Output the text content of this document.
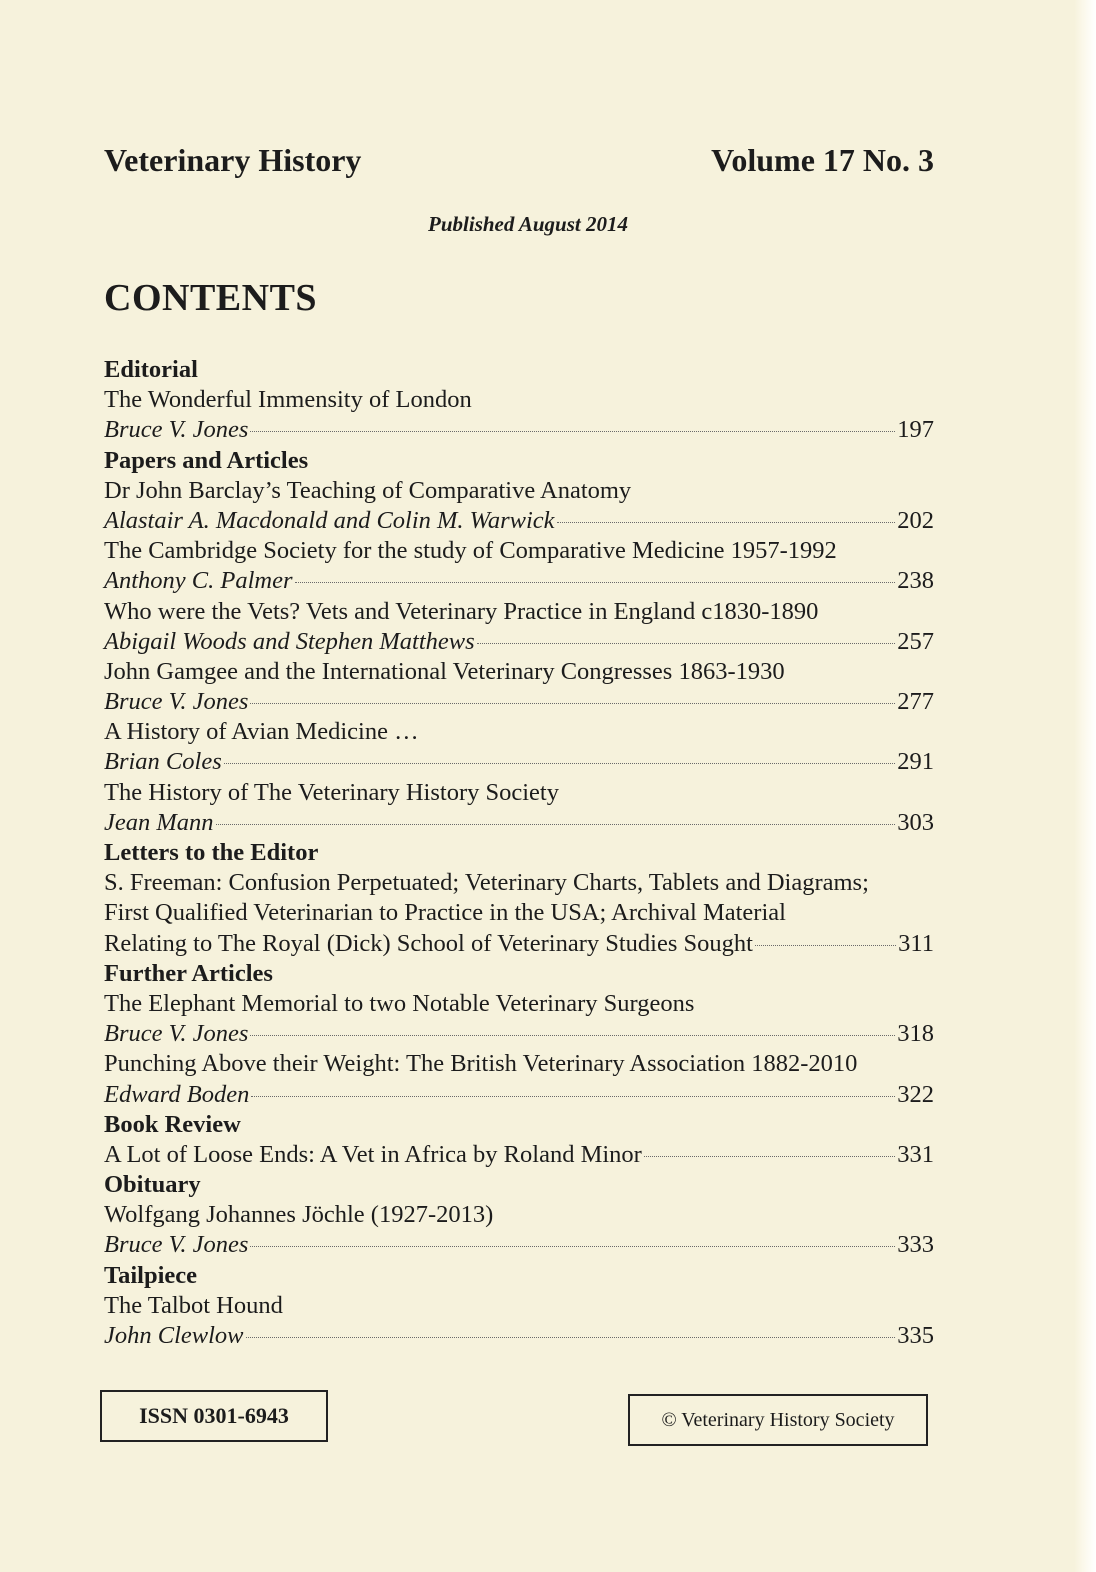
Veterinary History	Volume 17 No. 3
Published August 2014
CONTENTS
Editorial
The Wonderful Immensity of London
Bruce V. Jones	197
Papers and Articles
Dr John Barclay’s Teaching of Comparative Anatomy
Alastair A. Macdonald and Colin M. Warwick	202
The Cambridge Society for the study of Comparative Medicine 1957-1992
Anthony C. Palmer	238
Who were the Vets? Vets and Veterinary Practice in England c1830-1890
Abigail Woods and Stephen Matthews	257
John Gamgee and the International Veterinary Congresses 1863-1930
Bruce V. Jones	277
A History of Avian Medicine …
Brian Coles	291
The History of The Veterinary History Society
Jean Mann	303
Letters to the Editor
S. Freeman: Confusion Perpetuated; Veterinary Charts, Tablets and Diagrams;
First Qualified Veterinarian to Practice in the USA; Archival Material
Relating to The Royal (Dick) School of Veterinary Studies Sought	311
Further Articles
The Elephant Memorial to two Notable Veterinary Surgeons
Bruce V. Jones	318
Punching Above their Weight: The British Veterinary Association 1882-2010
Edward Boden	322
Book Review
A Lot of Loose Ends: A Vet in Africa by Roland Minor	331
Obituary
Wolfgang Johannes Jöchle (1927-2013)
Bruce V. Jones	333
Tailpiece
The Talbot Hound
John Clewlow	335
ISSN 0301-6943	© Veterinary History Society
